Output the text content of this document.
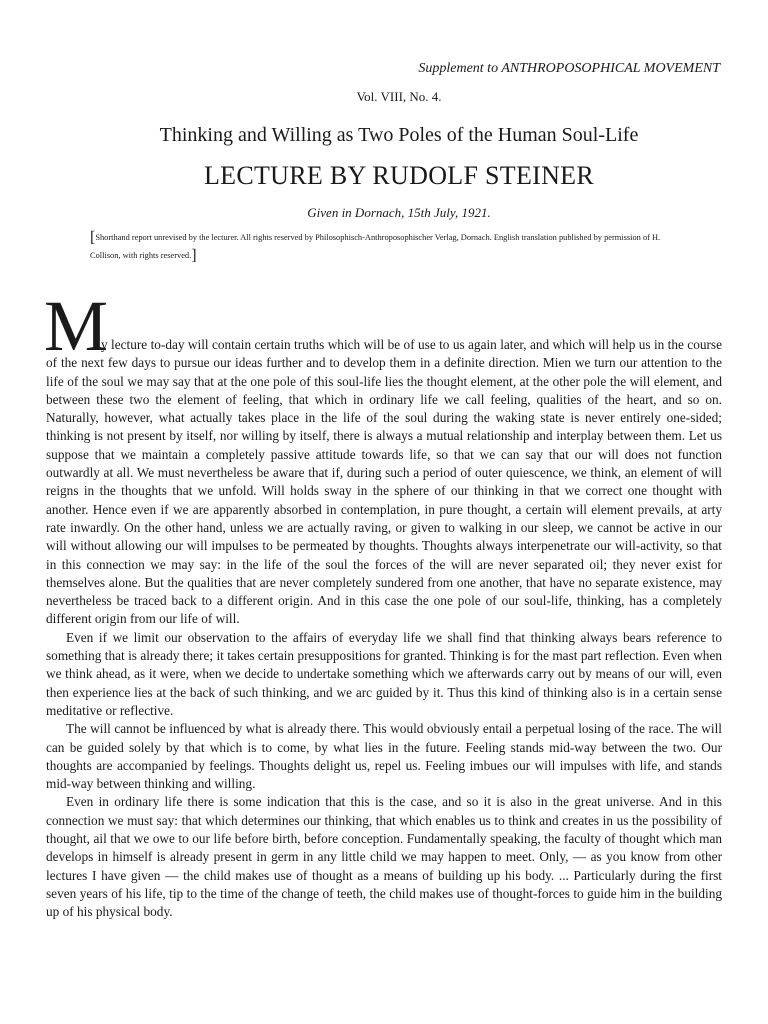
Supplement to ANTHROPOSOPHICAL MOVEMENT
Vol. VIII, No. 4.
Thinking and Willing as Two Poles of the Human Soul-Life
LECTURE BY RUDOLF STEINER
Given in Dornach, 15th July, 1921.
[Shorthand report unrevised by the lecturer. All rights reserved by Philosophisch-Anthroposophischer Verlag, Dornach. English translation published by permission of H. Collison, with rights reserved.]
M

y lecture to-day will contain certain truths which will be of use to us again later, and which will help us in the course of the next few days to pursue our ideas further and to develop them in a definite direction. Mien we turn our attention to the life of the soul we may say that at the one pole of this soul-life lies the thought element, at the other pole the will element, and between these two the element of feeling, that which in ordinary life we call feeling, qualities of the heart, and so on. Naturally, however, what actually takes place in the life of the soul during the waking state is never entirely one-sided; thinking is not present by itself, nor willing by itself, there is always a mutual relationship and interplay between them. Let us suppose that we maintain a completely passive attitude towards life, so that we can say that our will does not function outwardly at all. We must nevertheless be aware that if, during such a period of outer quiescence, we think, an element of will reigns in the thoughts that we unfold. Will holds sway in the sphere of our thinking in that we correct one thought with another. Hence even if we are apparently absorbed in contemplation, in pure thought, a certain will element prevails, at arty rate inwardly. On the other hand, unless we are actually raving, or given to walking in our sleep, we cannot be active in our will without allowing our will impulses to be permeated by thoughts. Thoughts always interpenetrate our will-activity, so that in this connection we may say: in the life of the soul the forces of the will are never separated oil; they never exist for themselves alone. But the qualities that are never completely sundered from one another, that have no separate existence, may nevertheless be traced back to a different origin. And in this case the one pole of our soul-life, thinking, has a completely different origin from our life of will.

Even if we limit our observation to the affairs of everyday life we shall find that thinking always bears reference to something that is already there; it takes certain presuppositions for granted. Thinking is for the mast part reflection. Even when we think ahead, as it were, when we decide to undertake something which we afterwards carry out by means of our will, even then experience lies at the back of such thinking, and we arc guided by it. Thus this kind of thinking also is in a certain sense meditative or reflective.

The will cannot be influenced by what is already there. This would obviously entail a perpetual losing of the race. The will can be guided solely by that which is to come, by what lies in the future. Feeling stands mid-way between the two. Our thoughts are accompanied by feelings. Thoughts delight us, repel us. Feeling imbues our will impulses with life, and stands mid-way between thinking and willing.

Even in ordinary life there is some indication that this is the case, and so it is also in the great universe. And in this connection we must say: that which determines our thinking, that which enables us to think and creates in us the possibility of thought, ail that we owe to our life before birth, before conception. Fundamentally speaking, the faculty of thought which man develops in himself is already present in germ in any little child we may happen to meet. Only, — as you know from other lectures I have given — the child makes use of thought as a means of building up his body. ... Particularly during the first seven years of his life, tip to the time of the change of teeth, the child makes use of thought-forces to guide him in the building up of his physical body.
